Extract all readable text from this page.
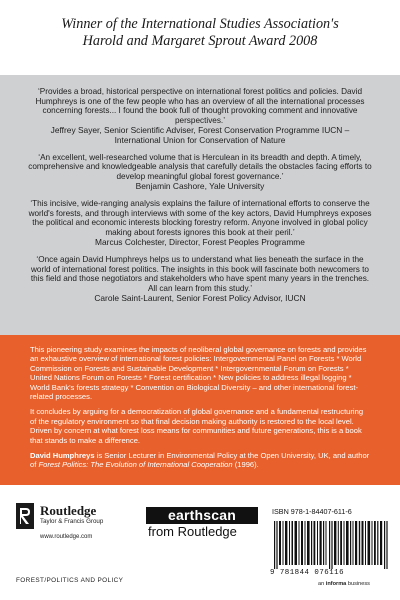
Winner of the International Studies Association's
Harold and Margaret Sprout Award 2008
‘Provides a broad, historical perspective on international forest politics and policies. David Humphreys is one of the few people who has an overview of all the international processes concerning forests... I found the book full of thought provoking comment and innovative perspectives.’
Jeffrey Sayer, Senior Scientific Adviser, Forest Conservation Programme IUCN – International Union for Conservation of Nature
‘An excellent, well-researched volume that is Herculean in its breadth and depth. A timely, comprehensive and knowledgeable analysis that carefully details the obstacles facing efforts to develop meaningful global forest governance.’
Benjamin Cashore, Yale University
‘This incisive, wide-ranging analysis explains the failure of international efforts to conserve the world's forests, and through interviews with some of the key actors, David Humphreys exposes the political and economic interests blocking forestry reform. Anyone involved in global policy making about forests ignores this book at their peril.’
Marcus Colchester, Director, Forest Peoples Programme
‘Once again David Humphreys helps us to understand what lies beneath the surface in the world of international forest politics. The insights in this book will fascinate both newcomers to this field and those negotiators and stakeholders who have spent many years in the trenches. All can learn from this study.’
Carole Saint-Laurent, Senior Forest Policy Advisor, IUCN

This pioneering study examines the impacts of neoliberal global governance on forests and provides an exhaustive overview of international forest policies: Intergovernmental Panel on Forests * World Commission on Forests and Sustainable Development * Intergovernmental Forum on Forests * United Nations Forum on Forests * Forest certification * New policies to address illegal logging * World Bank's forests strategy * Convention on Biological Diversity – and other international forest-related processes.

It concludes by arguing for a democratization of global governance and a fundamental restructuring of the regulatory environment so that final decision making authority is restored to the local level. Driven by concern at what forest loss means for communities and future generations, this is a book that stands to make a difference.

David Humphreys is Senior Lecturer in Environmental Policy at the Open University, UK, and author of Forest Politics: The Evolution of International Cooperation (1996).

Routledge
Taylor & Francis Group
www.routledge.com
earthscan
from Routledge
FOREST/POLITICS AND POLICY
ISBN 978-1-84407-611-6
9 781844 076116
an informa business
